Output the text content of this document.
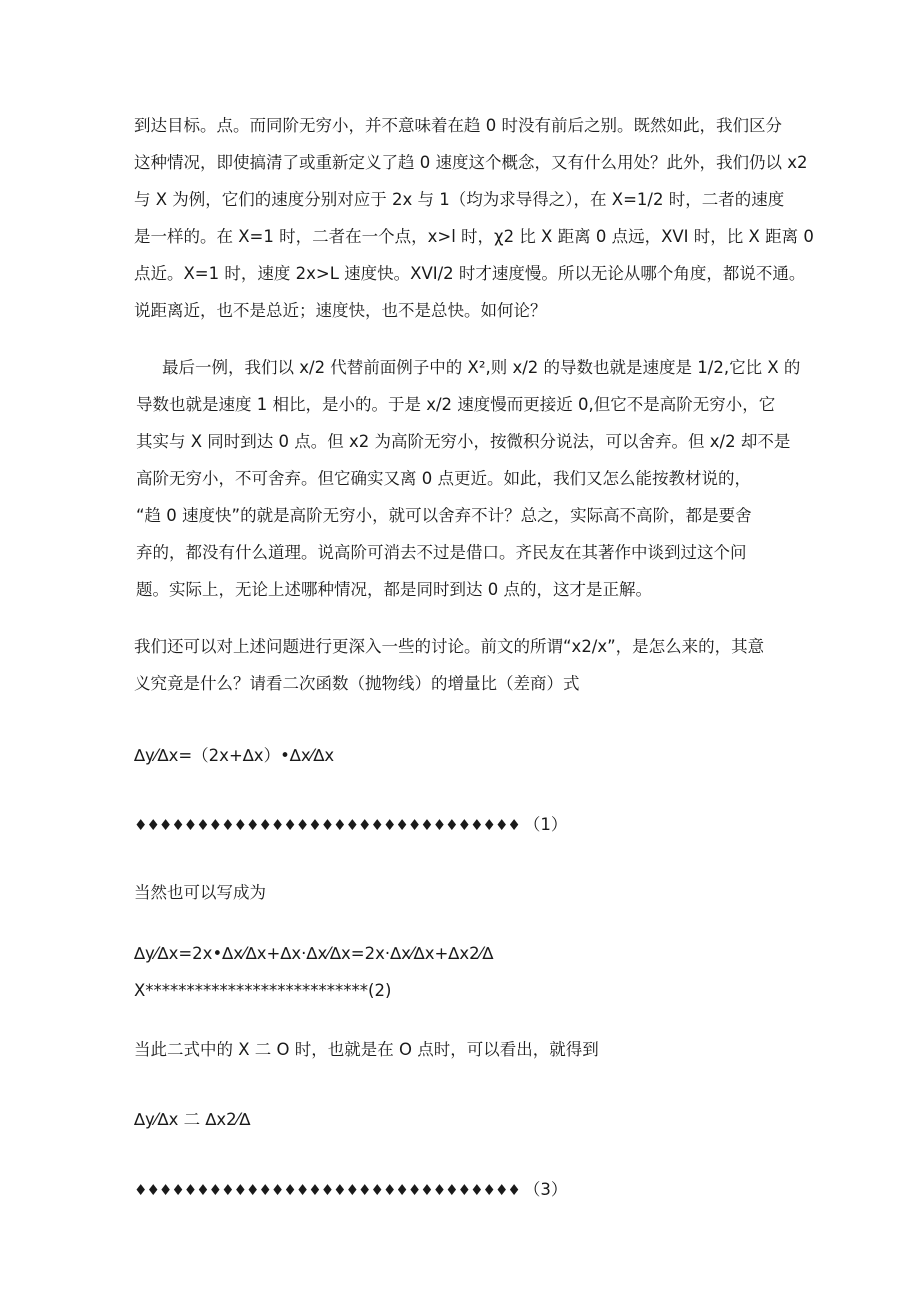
到达目标。点。而同阶无穷小，并不意味着在趋 0 时没有前后之别。既然如此，我们区分
这种情况，即使搞清了或重新定义了趋 0 速度这个概念，又有什么用处？此外，我们仍以 x2
与 X 为例，它们的速度分别对应于 2x 与 1（均为求导得之），在 X=1/2 时，二者的速度
是一样的。在 X=1 时，二者在一个点，x>l 时，χ2 比 X 距离 0 点远，XVI 时，比 X 距离 0
点近。X=1 时，速度 2x>L 速度快。XVI/2 时才速度慢。所以无论从哪个角度，都说不通。
说距离近，也不是总近；速度快，也不是总快。如何论？
最后一例，我们以 x/2 代替前面例子中的 X²,则 x/2 的导数也就是速度是 1/2,它比 X 的
导数也就是速度 1 相比，是小的。于是 x/2 速度慢而更接近 0,但它不是高阶无穷小，它
其实与 X 同时到达 0 点。但 x2 为高阶无穷小，按微积分说法，可以舍弃。但 x/2 却不是
高阶无穷小，不可舍弃。但它确实又离 0 点更近。如此，我们又怎么能按教材说的，
“趋 0 速度快”的就是高阶无穷小，就可以舍弃不计？总之，实际高不高阶，都是要舍
弃的，都没有什么道理。说高阶可消去不过是借口。齐民友在其著作中谈到过这个问
题。实际上，无论上述哪种情况，都是同时到达 0 点的，这才是正解。
我们还可以对上述问题进行更深入一些的讨论。前文的所谓“x2/x”，是怎么来的，其意
义究竟是什么？请看二次函数（抛物线）的增量比（差商）式
∆y⁄∆x=（2x+∆x）•∆x⁄∆x
♦♦♦♦♦♦♦♦♦♦♦♦♦♦♦♦♦♦♦♦♦♦♦♦♦♦♦♦♦♦♦ （1）
当然也可以写成为
∆y⁄∆x=2x•∆x⁄∆x+∆x·∆x⁄∆x=2x·∆x⁄∆x+∆x2⁄∆
X***************************(2)
当此二式中的 X 二 O 时，也就是在 O 点时，可以看出，就得到
∆y⁄∆x 二 ∆x2⁄∆
♦♦♦♦♦♦♦♦♦♦♦♦♦♦♦♦♦♦♦♦♦♦♦♦♦♦♦♦♦♦♦ （3）
